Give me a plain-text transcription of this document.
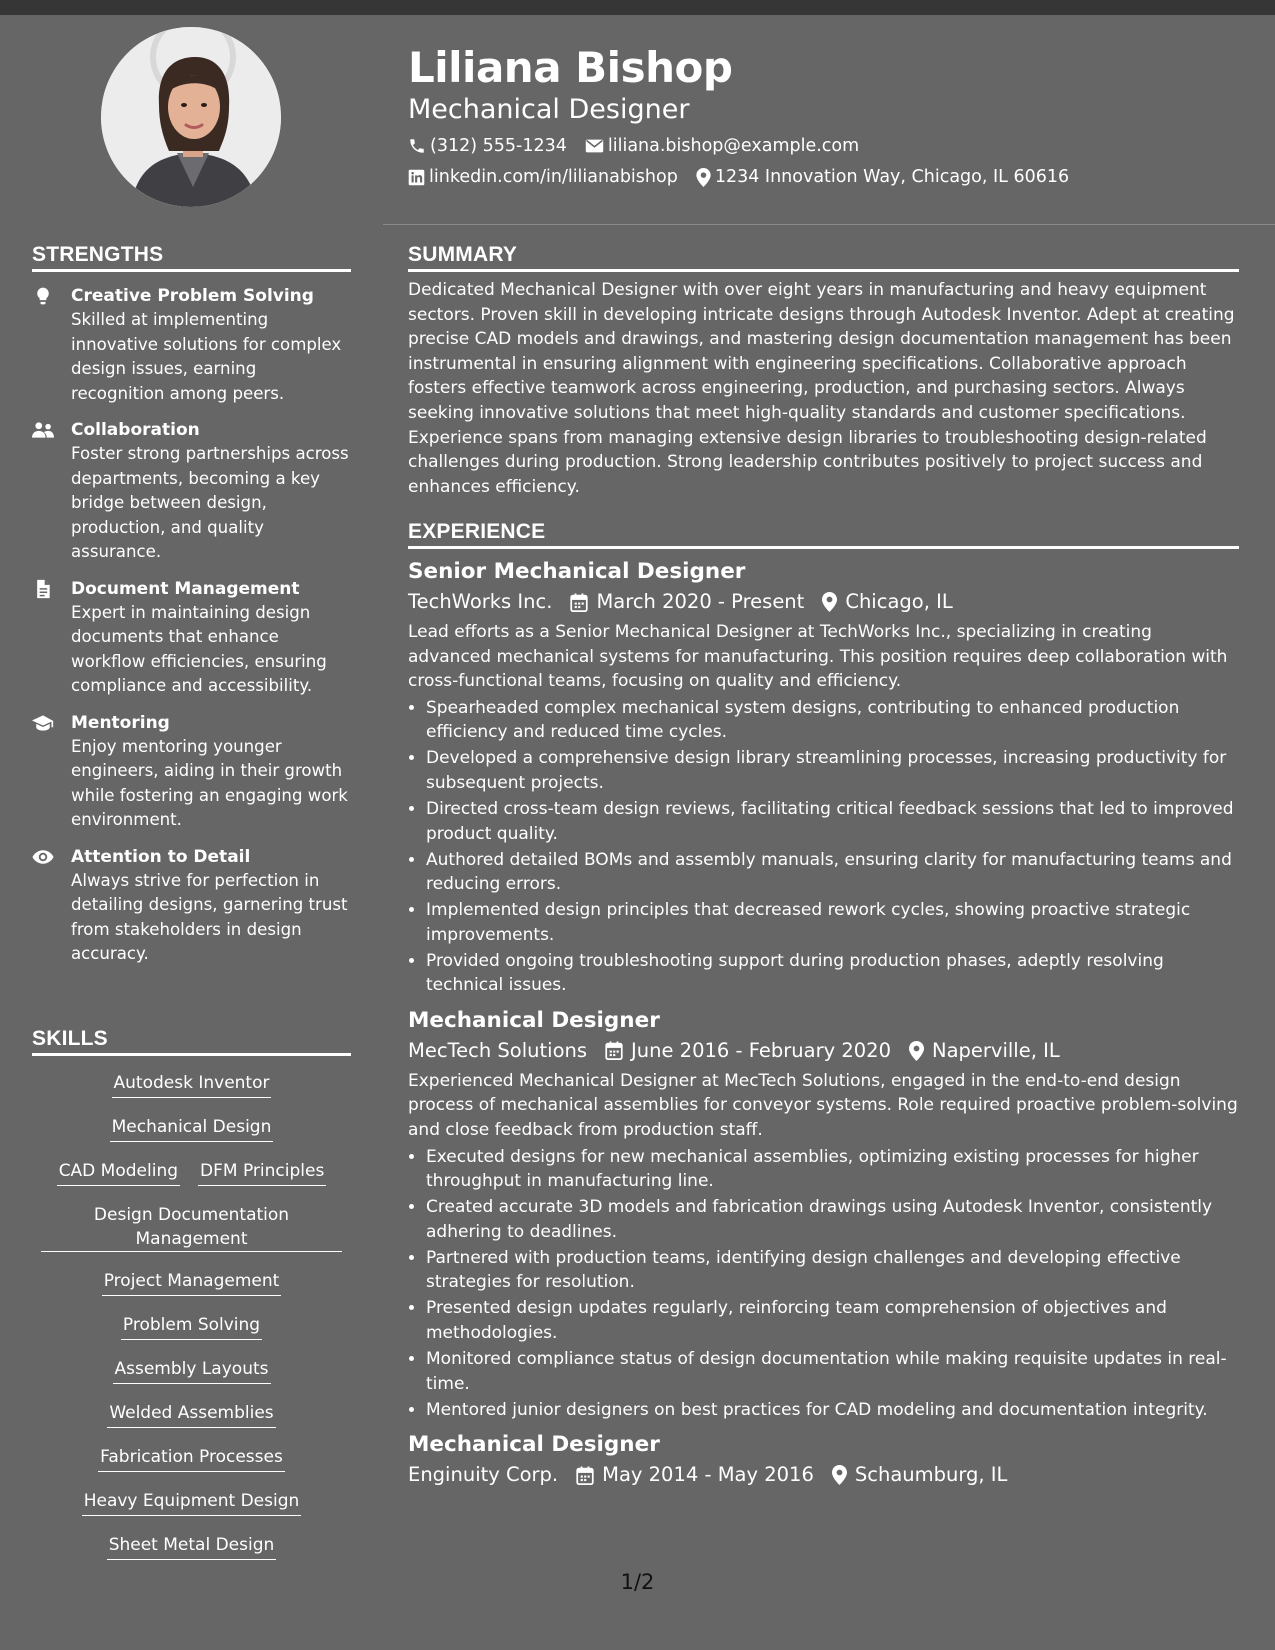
Liliana Bishop
Mechanical Designer
(312) 555-1234 liliana.bishop@example.com
linkedin.com/in/lilianabishop 1234 Innovation Way, Chicago, IL 60616
STRENGTHS
Creative Problem Solving
Skilled at implementing innovative solutions for complex design issues, earning recognition among peers.
Collaboration
Foster strong partnerships across departments, becoming a key bridge between design, production, and quality assurance.
Document Management
Expert in maintaining design documents that enhance workflow efficiencies, ensuring compliance and accessibility.
Mentoring
Enjoy mentoring younger engineers, aiding in their growth while fostering an engaging work environment.
Attention to Detail
Always strive for perfection in detailing designs, garnering trust from stakeholders in design accuracy.
SKILLS
Autodesk Inventor
Mechanical Design
CAD Modeling DFM Principles
Design Documentation Management
Project Management
Problem Solving
Assembly Layouts
Welded Assemblies
Fabrication Processes
Heavy Equipment Design
Sheet Metal Design
SUMMARY

Dedicated Mechanical Designer with over eight years in manufacturing and heavy equipment sectors. Proven skill in developing intricate designs through Autodesk Inventor. Adept at creating precise CAD models and drawings, and mastering design documentation management has been instrumental in ensuring alignment with engineering specifications. Collaborative approach fosters effective teamwork across engineering, production, and purchasing sectors. Always seeking innovative solutions that meet high-quality standards and customer specifications. Experience spans from managing extensive design libraries to troubleshooting design-related challenges during production. Strong leadership contributes positively to project success and enhances efficiency.

EXPERIENCE
Senior Mechanical Designer
TechWorks Inc. March 2020 - Present Chicago, IL

Lead efforts as a Senior Mechanical Designer at TechWorks Inc., specializing in creating advanced mechanical systems for manufacturing. This position requires deep collaboration with cross-functional teams, focusing on quality and efficiency.

• Spearheaded complex mechanical system designs, contributing to enhanced production efficiency and reduced time cycles.
• Developed a comprehensive design library streamlining processes, increasing productivity for subsequent projects.
• Directed cross-team design reviews, facilitating critical feedback sessions that led to improved product quality.
• Authored detailed BOMs and assembly manuals, ensuring clarity for manufacturing teams and reducing errors.
• Implemented design principles that decreased rework cycles, showing proactive strategic improvements.
• Provided ongoing troubleshooting support during production phases, adeptly resolving technical issues.
Mechanical Designer
MecTech Solutions June 2016 - February 2020 Naperville, IL

Experienced Mechanical Designer at MecTech Solutions, engaged in the end-to-end design process of mechanical assemblies for conveyor systems. Role required proactive problem-solving and close feedback from production staff.

• Executed designs for new mechanical assemblies, optimizing existing processes for higher throughput in manufacturing line.
• Created accurate 3D models and fabrication drawings using Autodesk Inventor, consistently adhering to deadlines.
• Partnered with production teams, identifying design challenges and developing effective strategies for resolution.
• Presented design updates regularly, reinforcing team comprehension of objectives and methodologies.
• Monitored compliance status of design documentation while making requisite updates in real-time.
• Mentored junior designers on best practices for CAD modeling and documentation integrity.
Mechanical Designer
Enginuity Corp. May 2014 - May 2016 Schaumburg, IL
1/2
